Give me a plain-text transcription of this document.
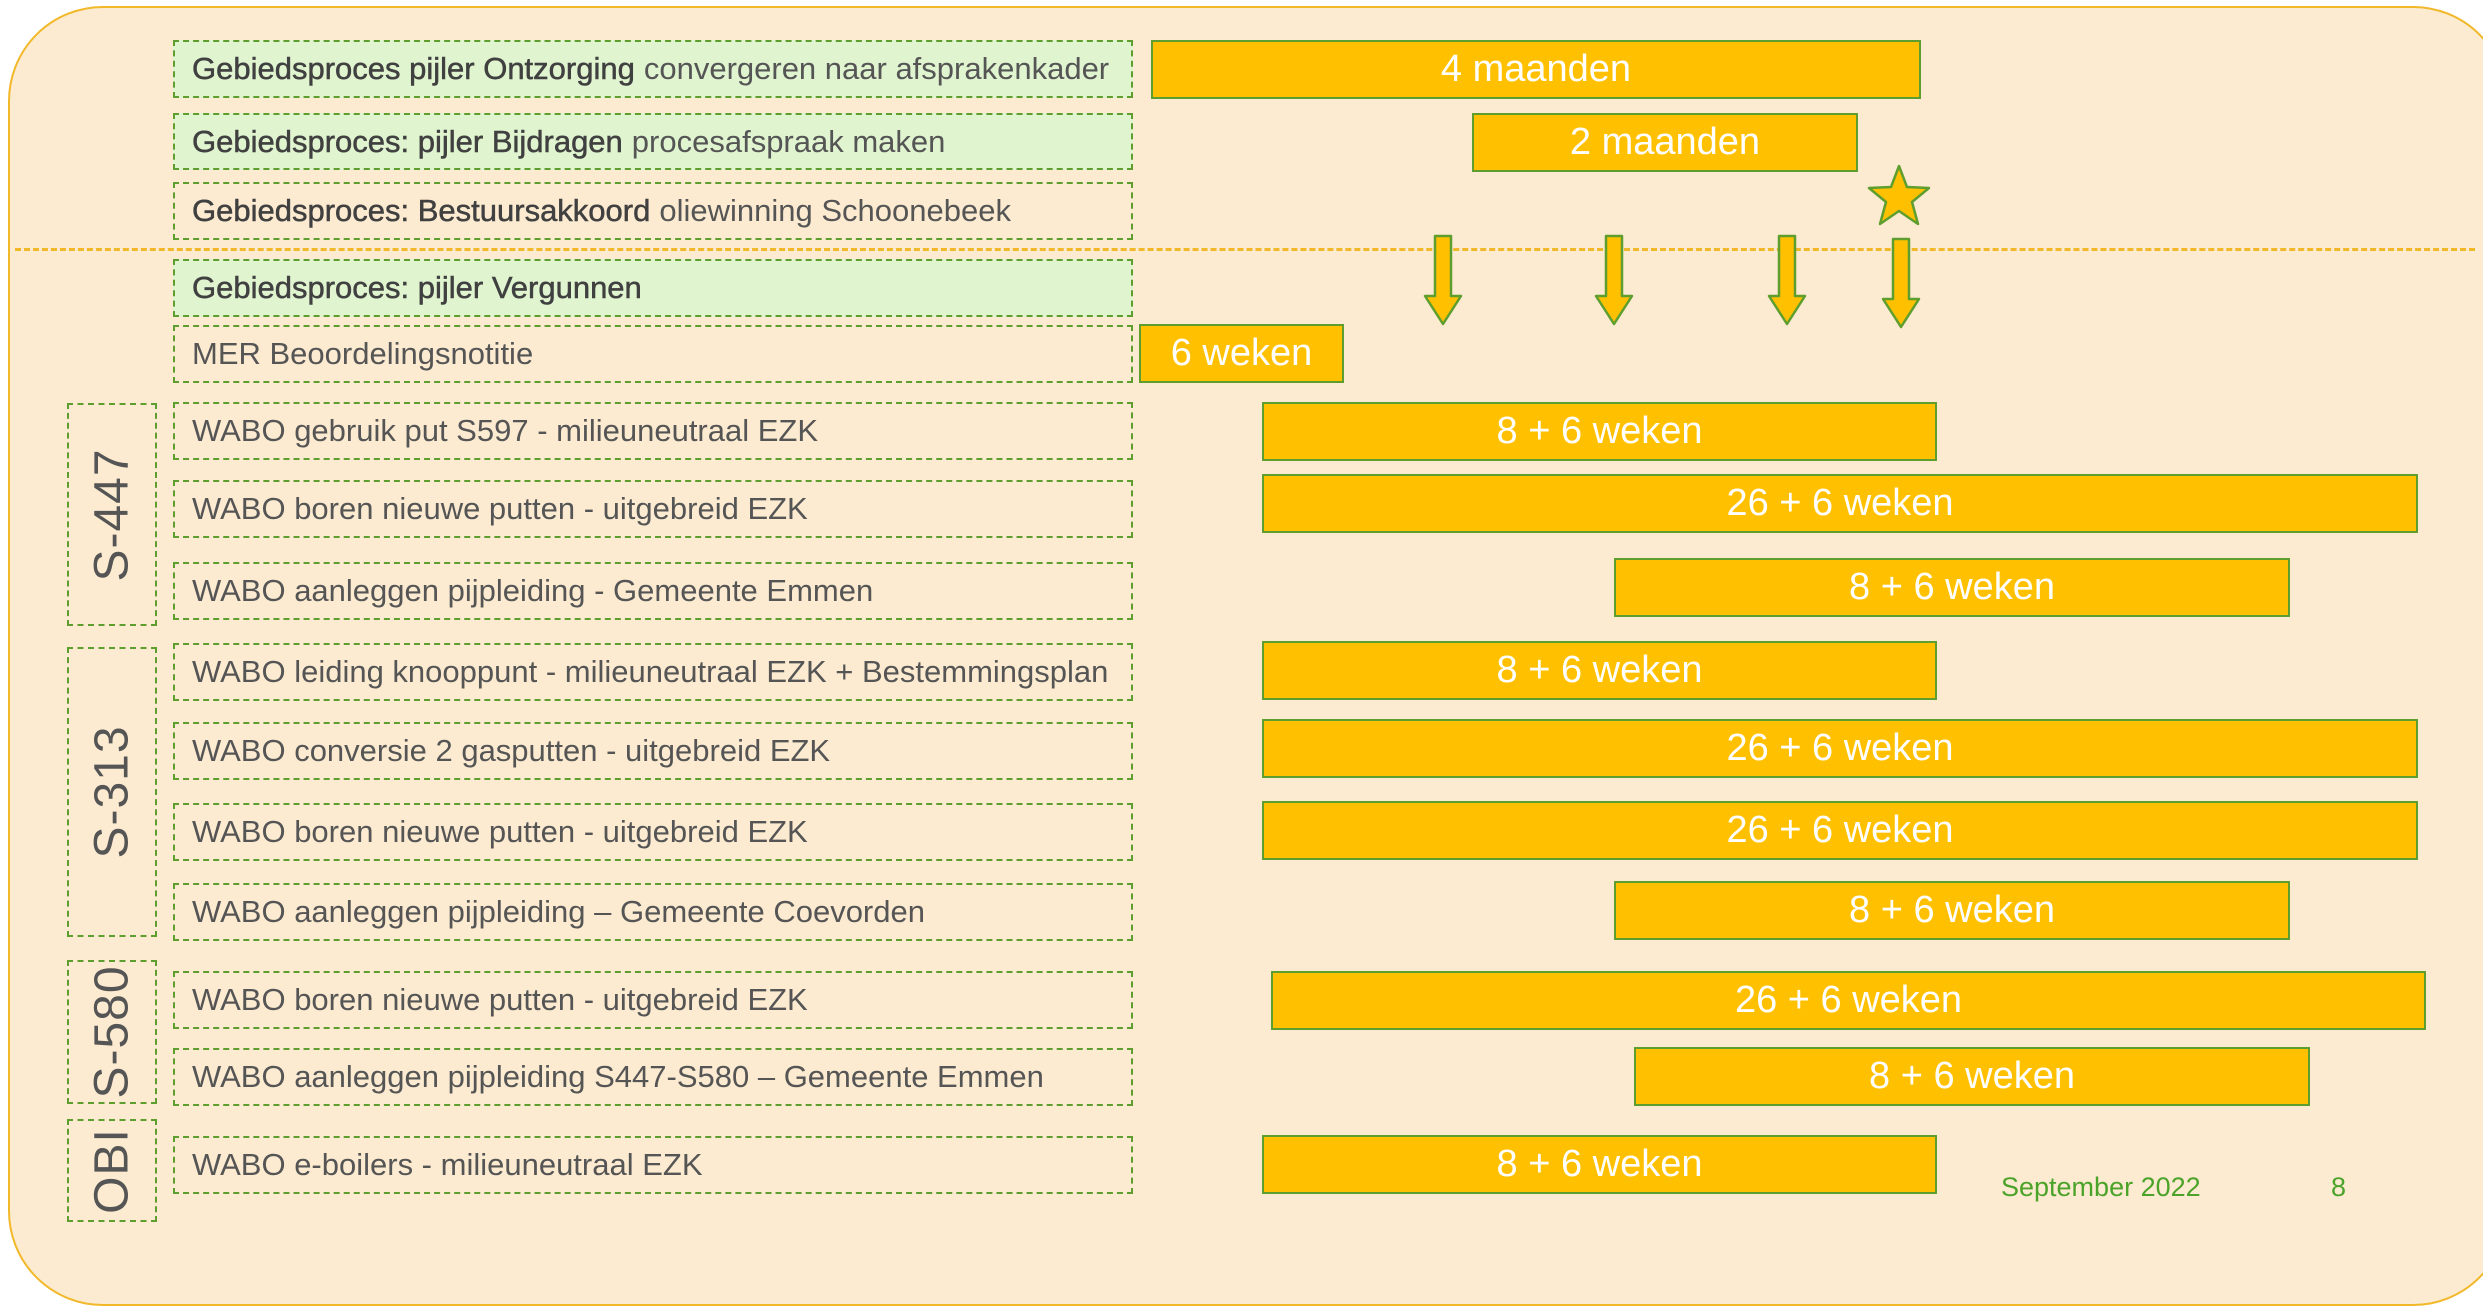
Gebiedsproces pijler Ontzorging convergeren naar afsprakenkader
Gebiedsproces: pijler Bijdragen procesafspraak maken
Gebiedsproces: Bestuursakkoord oliewinning Schoonebeek
Gebiedsproces: pijler Vergunnen
MER Beoordelingsnotitie
WABO gebruik put S597 - milieuneutraal EZK
WABO boren nieuwe putten - uitgebreid EZK
WABO aanleggen pijpleiding - Gemeente Emmen
WABO leiding knooppunt - milieuneutraal EZK + Bestemmingsplan
WABO conversie 2 gasputten - uitgebreid EZK
WABO boren nieuwe putten - uitgebreid EZK
WABO aanleggen pijpleiding – Gemeente Coevorden
WABO boren nieuwe putten - uitgebreid EZK
WABO aanleggen pijpleiding S447-S580 – Gemeente Emmen
WABO e-boilers - milieuneutraal EZK
S-447
S-313
S-580
OBI
4 maanden
2 maanden
6 weken
8 + 6 weken
26 + 6 weken
8 + 6 weken
8 + 6 weken
26 + 6 weken
26 + 6 weken
8 + 6 weken
26 + 6 weken
8 + 6 weken
8 + 6 weken
September 2022	8
